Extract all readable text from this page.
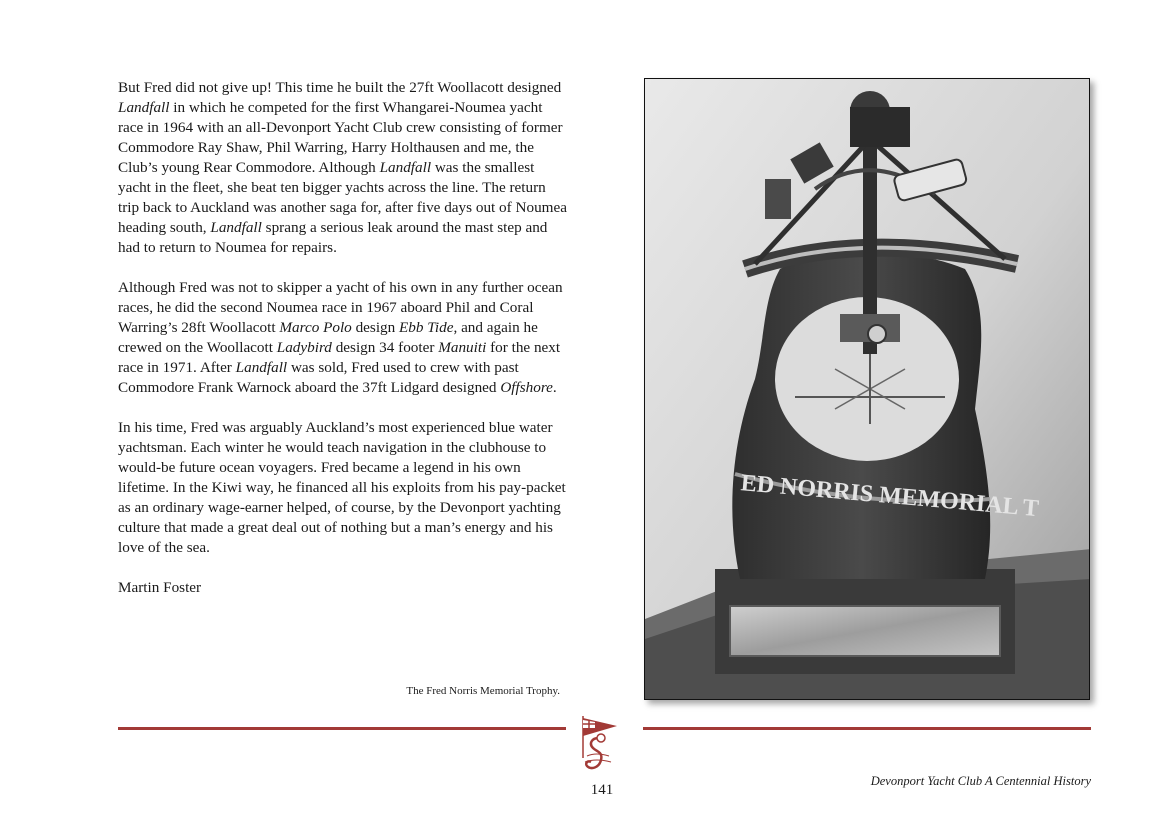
But Fred did not give up! This time he built the 27ft Woollacott designed Landfall in which he competed for the first Whangarei-Noumea yacht race in 1964 with an all-Devonport Yacht Club crew consisting of former Commodore Ray Shaw, Phil Warring, Harry Holthausen and me, the Club’s young Rear Commodore. Although Landfall was the smallest yacht in the fleet, she beat ten bigger yachts across the line. The return trip back to Auckland was another saga for, after five days out of Noumea heading south, Landfall sprang a serious leak around the mast step and had to return to Noumea for repairs.

Although Fred was not to skipper a yacht of his own in any further ocean races, he did the second Noumea race in 1967 aboard Phil and Coral Warring’s 28ft Woollacott Marco Polo design Ebb Tide, and again he crewed on the Woollacott Ladybird design 34 footer Manuiti for the next race in 1971. After Landfall was sold, Fred used to crew with past Commodore Frank Warnock aboard the 37ft Lidgard designed Offshore.

In his time, Fred was arguably Auckland’s most experienced blue water yachtsman. Each winter he would teach navigation in the clubhouse to would-be future ocean voyagers. Fred became a legend in his own lifetime. In the Kiwi way, he financed all his exploits from his pay-packet as an ordinary wage-earner helped, of course, by the Devonport yachting culture that made a great deal out of nothing but a man’s energy and his love of the sea.

Martin Foster

The Fred Norris Memorial Trophy.
ED NORRIS MEMORIAL T
141
Devonport Yacht Club A Centennial History
